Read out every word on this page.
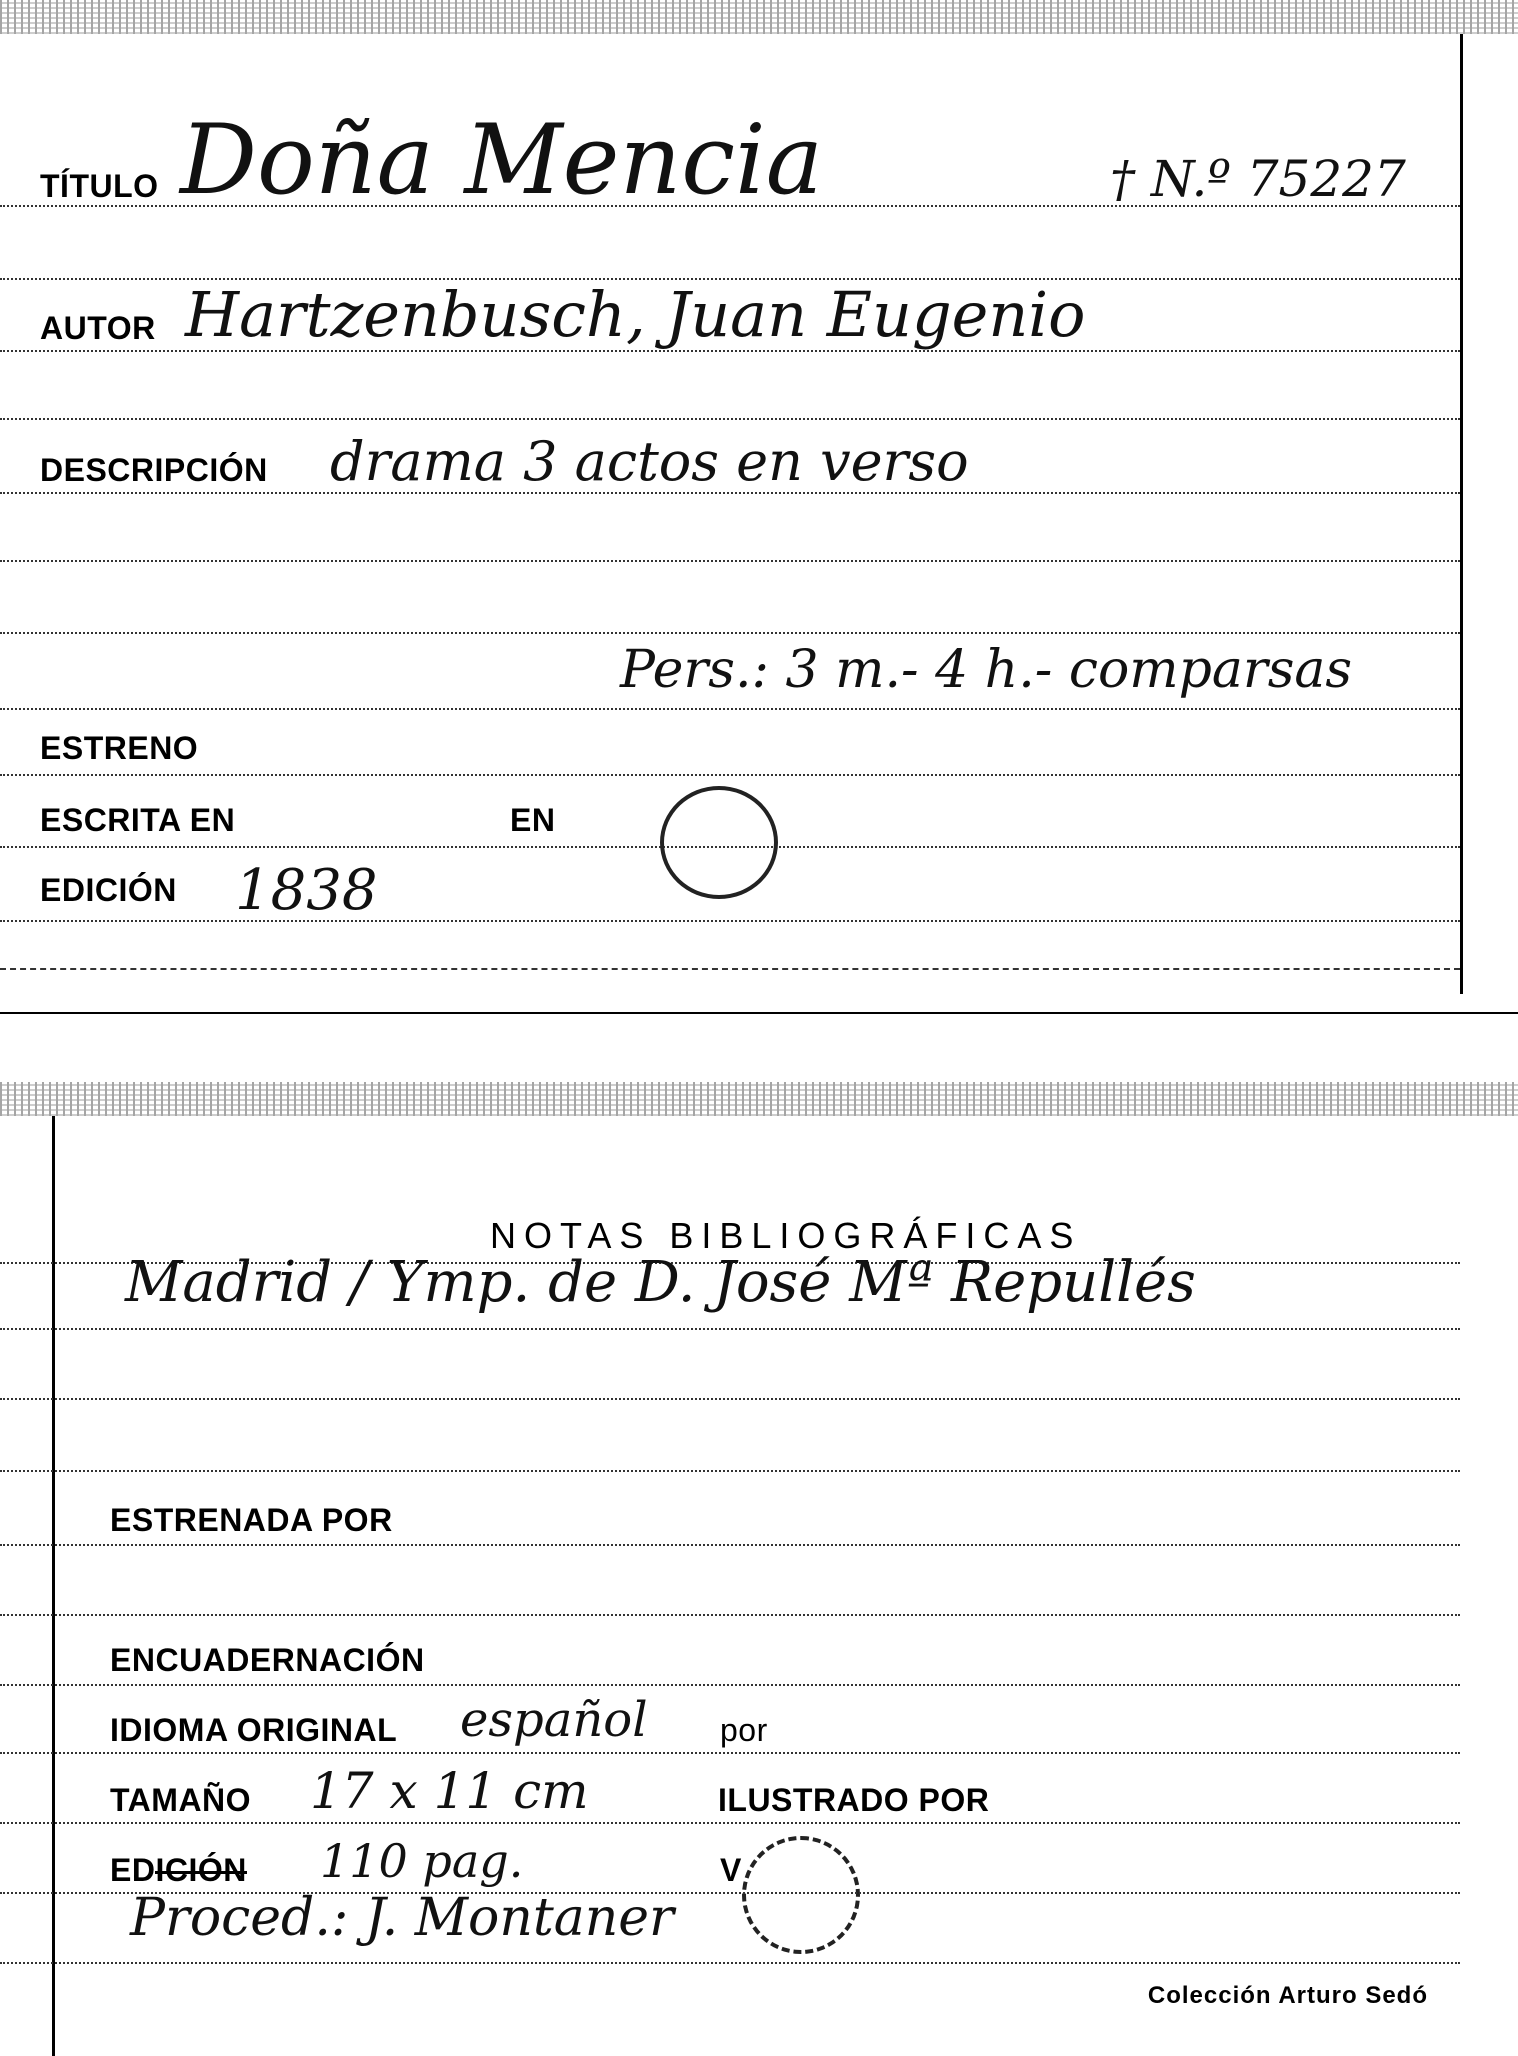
TÍTULO Doña Mencia	† N.º 75227
AUTOR Hartzenbusch, Juan Eugenio
DESCRIPCIÓN drama 3 actos en verso
Pers.: 3 m.- 4 h.- comparsas
ESTRENO
ESCRITA EN	EN
EDICIÓN 1838
NOTAS BIBLIOGRÁFICAS
Madrid / Ymp. de D. José Mª Repullés
ESTRENADA POR
ENCUADERNACIÓN
IDIOMA ORIGINAL español por
TAMAÑO 17 x 11 cm	ILUSTRADO POR
EDICIÓN 110 pag.	V
Proced.: J. Montaner
Colección Arturo Sedó
